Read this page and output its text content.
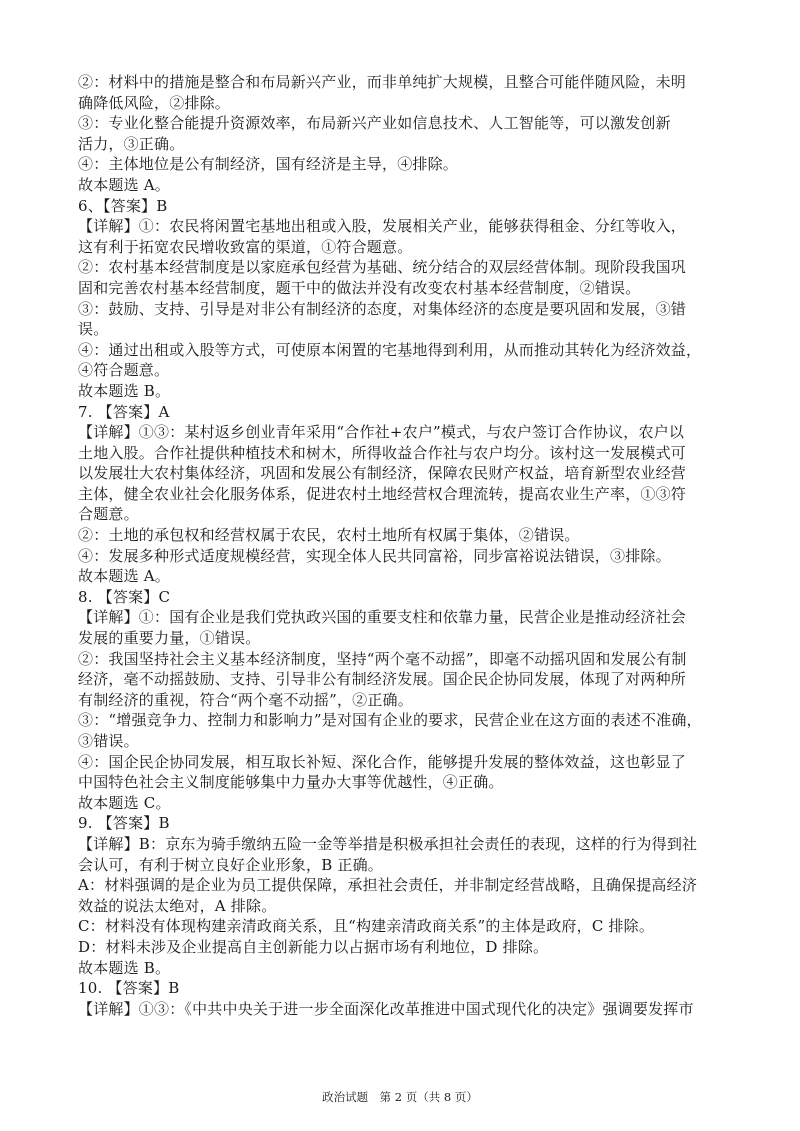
②：材料中的措施是整合和布局新兴产业，而非单纯扩大规模，且整合可能伴随风险，未明
确降低风险，②排除。
③：专业化整合能提升资源效率，布局新兴产业如信息技术、人工智能等，可以激发创新
活力，③正确。
④：主体地位是公有制经济，国有经济是主导，④排除。
故本题选 A。
6、【答案】B
【详解】①：农民将闲置宅基地出租或入股，发展相关产业，能够获得租金、分红等收入，
这有利于拓宽农民增收致富的渠道，①符合题意。
②：农村基本经营制度是以家庭承包经营为基础、统分结合的双层经营体制。现阶段我国巩
固和完善农村基本经营制度，题干中的做法并没有改变农村基本经营制度，②错误。
③：鼓励、支持、引导是对非公有制经济的态度，对集体经济的态度是要巩固和发展，③错
误。
④：通过出租或入股等方式，可使原本闲置的宅基地得到利用，从而推动其转化为经济效益，
④符合题意。
故本题选 B。
7. 【答案】A
【详解】①③：某村返乡创业青年采用“合作社+农户”模式，与农户签订合作协议，农户以
土地入股。合作社提供种植技术和树木，所得收益合作社与农户均分。该村这一发展模式可
以发展壮大农村集体经济，巩固和发展公有制经济，保障农民财产权益，培育新型农业经营
主体，健全农业社会化服务体系，促进农村土地经营权合理流转，提高农业生产率，①③符
合题意。
②：土地的承包权和经营权属于农民，农村土地所有权属于集体，②错误。
④：发展多种形式适度规模经营，实现全体人民共同富裕，同步富裕说法错误，③排除。
故本题选 A。
8. 【答案】C
【详解】①：国有企业是我们党执政兴国的重要支柱和依靠力量，民营企业是推动经济社会
发展的重要力量，①错误。
②：我国坚持社会主义基本经济制度，坚持“两个毫不动摇”，即毫不动摇巩固和发展公有制
经济，毫不动摇鼓励、支持、引导非公有制经济发展。国企民企协同发展，体现了对两种所
有制经济的重视，符合“两个毫不动摇”，②正确。
③：“增强竞争力、控制力和影响力”是对国有企业的要求，民营企业在这方面的表述不准确，
③错误。
④：国企民企协同发展，相互取长补短、深化合作，能够提升发展的整体效益，这也彰显了
中国特色社会主义制度能够集中力量办大事等优越性，④正确。
故本题选 C。
9. 【答案】B
【详解】B：京东为骑手缴纳五险一金等举措是积极承担社会责任的表现，这样的行为得到社
会认可，有利于树立良好企业形象，B 正确。
A：材料强调的是企业为员工提供保障，承担社会责任，并非制定经营战略，且确保提高经济
效益的说法太绝对，A 排除。
C：材料没有体现构建亲清政商关系，且“构建亲清政商关系”的主体是政府，C 排除。
D：材料未涉及企业提高自主创新能力以占据市场有利地位，D 排除。
故本题选 B。
10. 【答案】B
【详解】①③：《中共中央关于进一步全面深化改革推进中国式现代化的决定》强调要发挥市
政治试题　第 2 页（共 8 页）
